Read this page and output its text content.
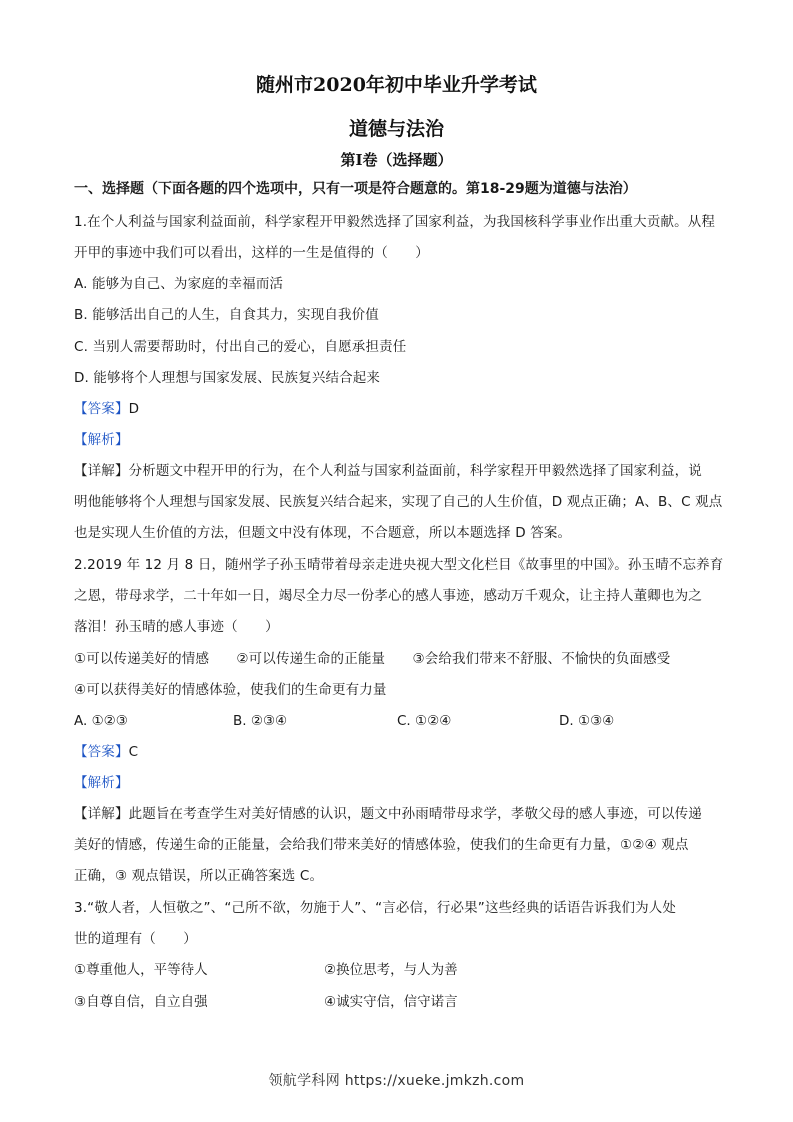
随州市2020年初中毕业升学考试
道德与法治
第Ⅰ卷（选择题）
一、选择题（下面各题的四个选项中，只有一项是符合题意的。第18-29题为道德与法治）
1.在个人利益与国家利益面前，科学家程开甲毅然选择了国家利益，为我国核科学事业作出重大贡献。从程
开甲的事迹中我们可以看出，这样的一生是值得的（　　）
A. 能够为自己、为家庭的幸福而活
B. 能够活出自己的人生，自食其力，实现自我价值
C. 当别人需要帮助时，付出自己的爱心，自愿承担责任
D. 能够将个人理想与国家发展、民族复兴结合起来
【答案】D
【解析】
【详解】分析题文中程开甲的行为，在个人利益与国家利益面前，科学家程开甲毅然选择了国家利益，说
明他能够将个人理想与国家发展、民族复兴结合起来，实现了自己的人生价值，D 观点正确；A、B、C 观点
也是实现人生价值的方法，但题文中没有体现，不合题意，所以本题选择 D 答案。
2.2019 年 12 月 8 日，随州学子孙玉晴带着母亲走进央视大型文化栏目《故事里的中国》。孙玉晴不忘养育
之恩，带母求学，二十年如一日，竭尽全力尽一份孝心的感人事迹，感动万千观众，让主持人董卿也为之
落泪！孙玉晴的感人事迹（　　）
①可以传递美好的情感　　②可以传递生命的正能量　　③会给我们带来不舒服、不愉快的负面感受
④可以获得美好的情感体验，使我们的生命更有力量
A. ①②③	B. ②③④	C. ①②④	D. ①③④
【答案】C
【解析】
【详解】此题旨在考查学生对美好情感的认识，题文中孙雨晴带母求学，孝敬父母的感人事迹，可以传递
美好的情感，传递生命的正能量，会给我们带来美好的情感体验，使我们的生命更有力量，①②④ 观点
正确，③ 观点错误，所以正确答案选 C。
3.“敬人者，人恒敬之”、“己所不欲，勿施于人”、“言必信，行必果”这些经典的话语告诉我们为人处
世的道理有（　　）
①尊重他人，平等待人	②换位思考，与人为善
③自尊自信，自立自强	④诚实守信，信守诺言
领航学科网 https://xueke.jmkzh.com
